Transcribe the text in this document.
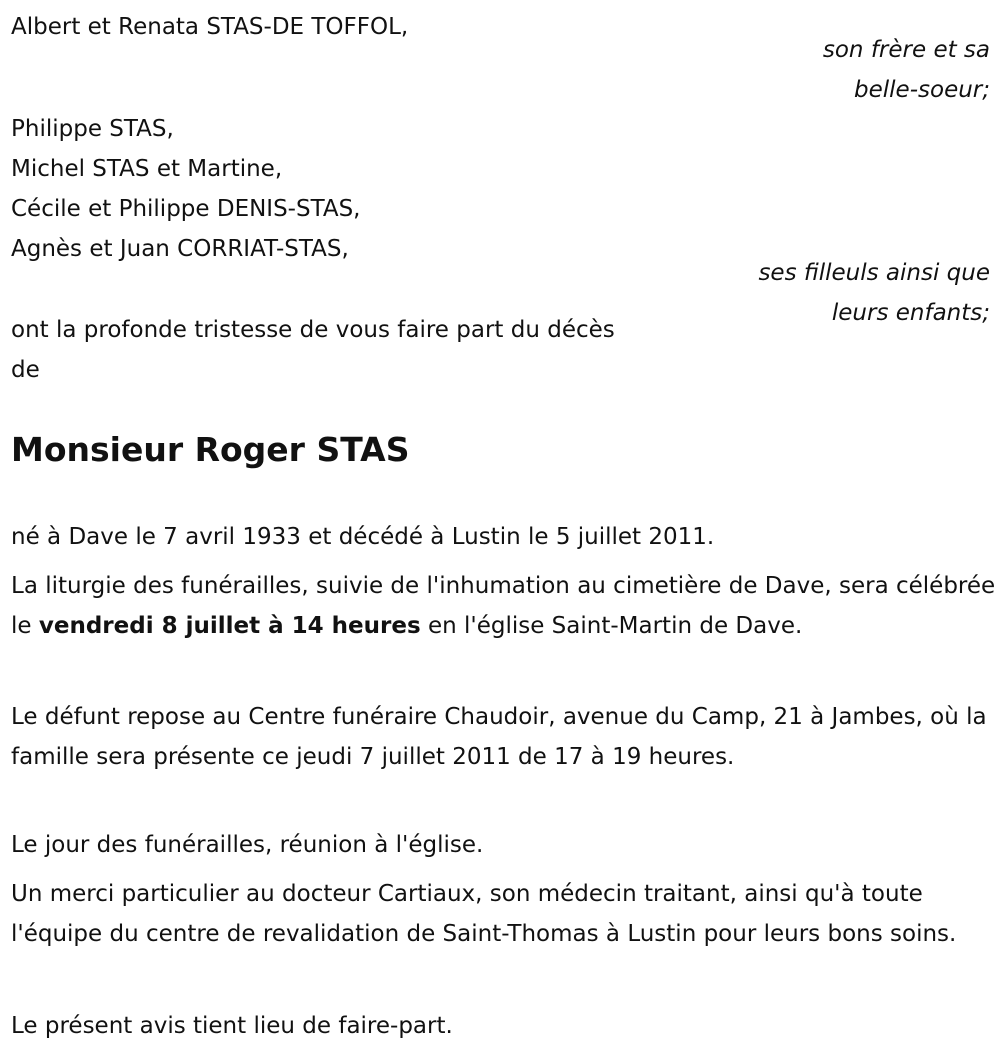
Albert et Renata STAS-DE TOFFOL,
son frère et sa
belle-soeur;
Philippe STAS,
Michel STAS et Martine,
Cécile et Philippe DENIS-STAS,
Agnès et Juan CORRIAT-STAS,
ses filleuls ainsi que
leurs enfants;
ont la profonde tristesse de vous faire part du décès
de
Monsieur Roger STAS
né à Dave le 7 avril 1933 et décédé à Lustin le 5 juillet 2011.
La liturgie des funérailles, suivie de l'inhumation au cimetière de Dave, sera célébrée le vendredi 8 juillet à 14 heures en l'église Saint-Martin de Dave.
Le défunt repose au Centre funéraire Chaudoir, avenue du Camp, 21 à Jambes, où la famille sera présente ce jeudi 7 juillet 2011 de 17 à 19 heures.
Le jour des funérailles, réunion à l'église.
Un merci particulier au docteur Cartiaux, son médecin traitant, ainsi qu'à toute l'équipe du centre de revalidation de Saint-Thomas à Lustin pour leurs bons soins.
Le présent avis tient lieu de faire-part.
